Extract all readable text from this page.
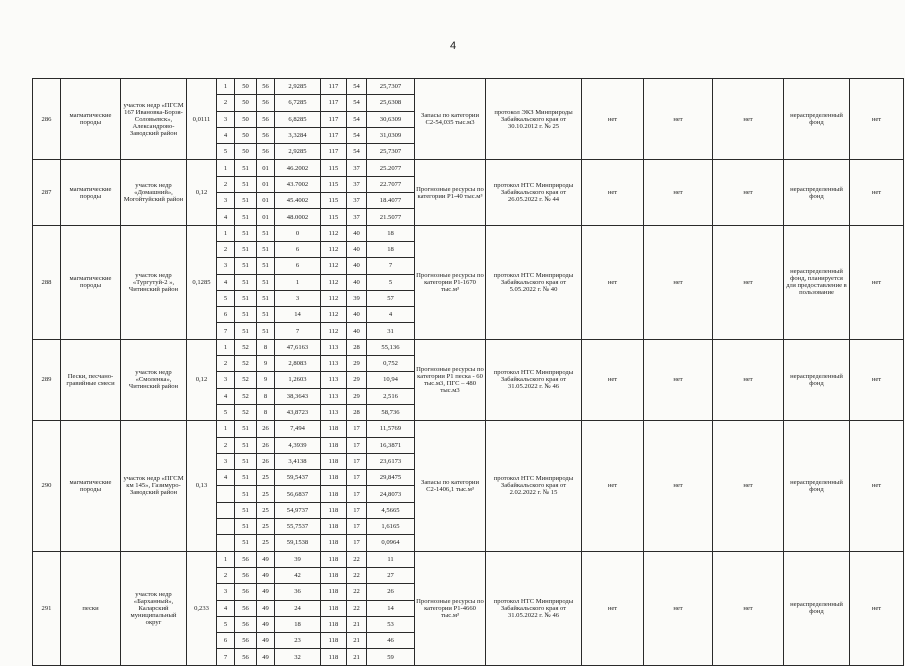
4
286	магматические породы	участок недр «ПГСМ 167 Ивановка-Борзя-Соловьевск», Александрово-Заводский район	0,0111	1	50	56	2,9285	117	54	25,7307	Запасы по категории C2-54,035 тыс.м3	протокол ЭКЗ Минприроды Забайкальского края от 30.10.2012 г. № 25	нет	нет	нет	нераспределенный фонд	нет
				2	50	56	6,7285	117	54	25,6308							
				3	50	56	6,8285	117	54	30,6309							
				4	50	56	3,3284	117	54	31,0309							
				5	50	56	2,9285	117	54	25,7307							
287	магматические породы	участок недр «Домашний», Могойтуйский район	0,12	1	51	01	46.2002	115	37	25.2077	Прогнозные ресурсы по категории P1-40 тыс.м³	протокол НТС Минприроды Забайкальского края от 26.05.2022 г. № 44	нет	нет	нет	нераспределенный фонд	нет
				2	51	01	43.7002	115	37	22.7077							
				3	51	01	45.4002	115	37	18.4077							
				4	51	01	48.0002	115	37	21.5077							
288	магматические породы	участок недр «Тургутуй-2 », Читинский район	0,1285	1	51	51	0	112	40	18	Прогнозные ресурсы по категории P1-1670 тыс.м³	протокол НТС Минприроды Забайкальского края от 5.05.2022 г. № 40	нет	нет	нет	нераспределенный фонд, планируется для предоставление в пользование	нет
				2	51	51	6	112	40	18							
				3	51	51	6	112	40	7							
				4	51	51	1	112	40	5							
				5	51	51	3	112	39	57							
				6	51	51	14	112	40	4							
				7	51	51	7	112	40	31							
289	Пески, песчано-гравийные смеси	участок недр «Смоленка», Читинский район	0,12	1	52	8	47,6163	113	28	55,136	Прогнозные ресурсы по категории P1 песка - 60 тыс.м3, ПГС – 480 тыс.м3	протокол НТС Минприроды Забайкальского края от 31.05.2022 г. № 46	нет	нет	нет	нераспределенный фонд	нет
				2	52	9	2,8083	113	29	0,752							
				3	52	9	1,2603	113	29	10,94							
				4	52	8	38,3643	113	29	2,516							
				5	52	8	43,8723	113	28	58,736							
290	магматические породы	участок недр «ПГСМ км 145», Газимуро-Заводский район	0,13	1	51	26	7,494	118	17	11,5769	Запасы по категории C2-1406,1 тыс.м³	протокол НТС Минприроды Забайкальского края от 2.02.2022 г. № 15	нет	нет	нет	нераспределенный фонд	нет
				2	51	26	4,3939	118	17	16,3871							
				3	51	26	3,4138	118	17	23,6173							
				4	51	25	59,5437	118	17	29,8475							
					51	25	56,6837	118	17	24,8073							
					51	25	54,9737	118	17	4,5665							
					51	25	55,7537	118	17	1,6165							
					51	25	59,1538	118	17	0,0964							
291	пески	участок недр «Барханный», Каларский муниципальный округ	0,233	1	56	49	39	118	22	11	Прогнозные ресурсы по категории P1-4660 тыс.м³	протокол НТС Минприроды Забайкальского края от 31.05.2022 г. № 46	нет	нет	нет	нераспределенный фонд	нет
				2	56	49	42	118	22	27							
				3	56	49	36	118	22	26							
				4	56	49	24	118	22	14							
				5	56	49	18	118	21	53							
				6	56	49	23	118	21	46							
				7	56	49	32	118	21	59							
